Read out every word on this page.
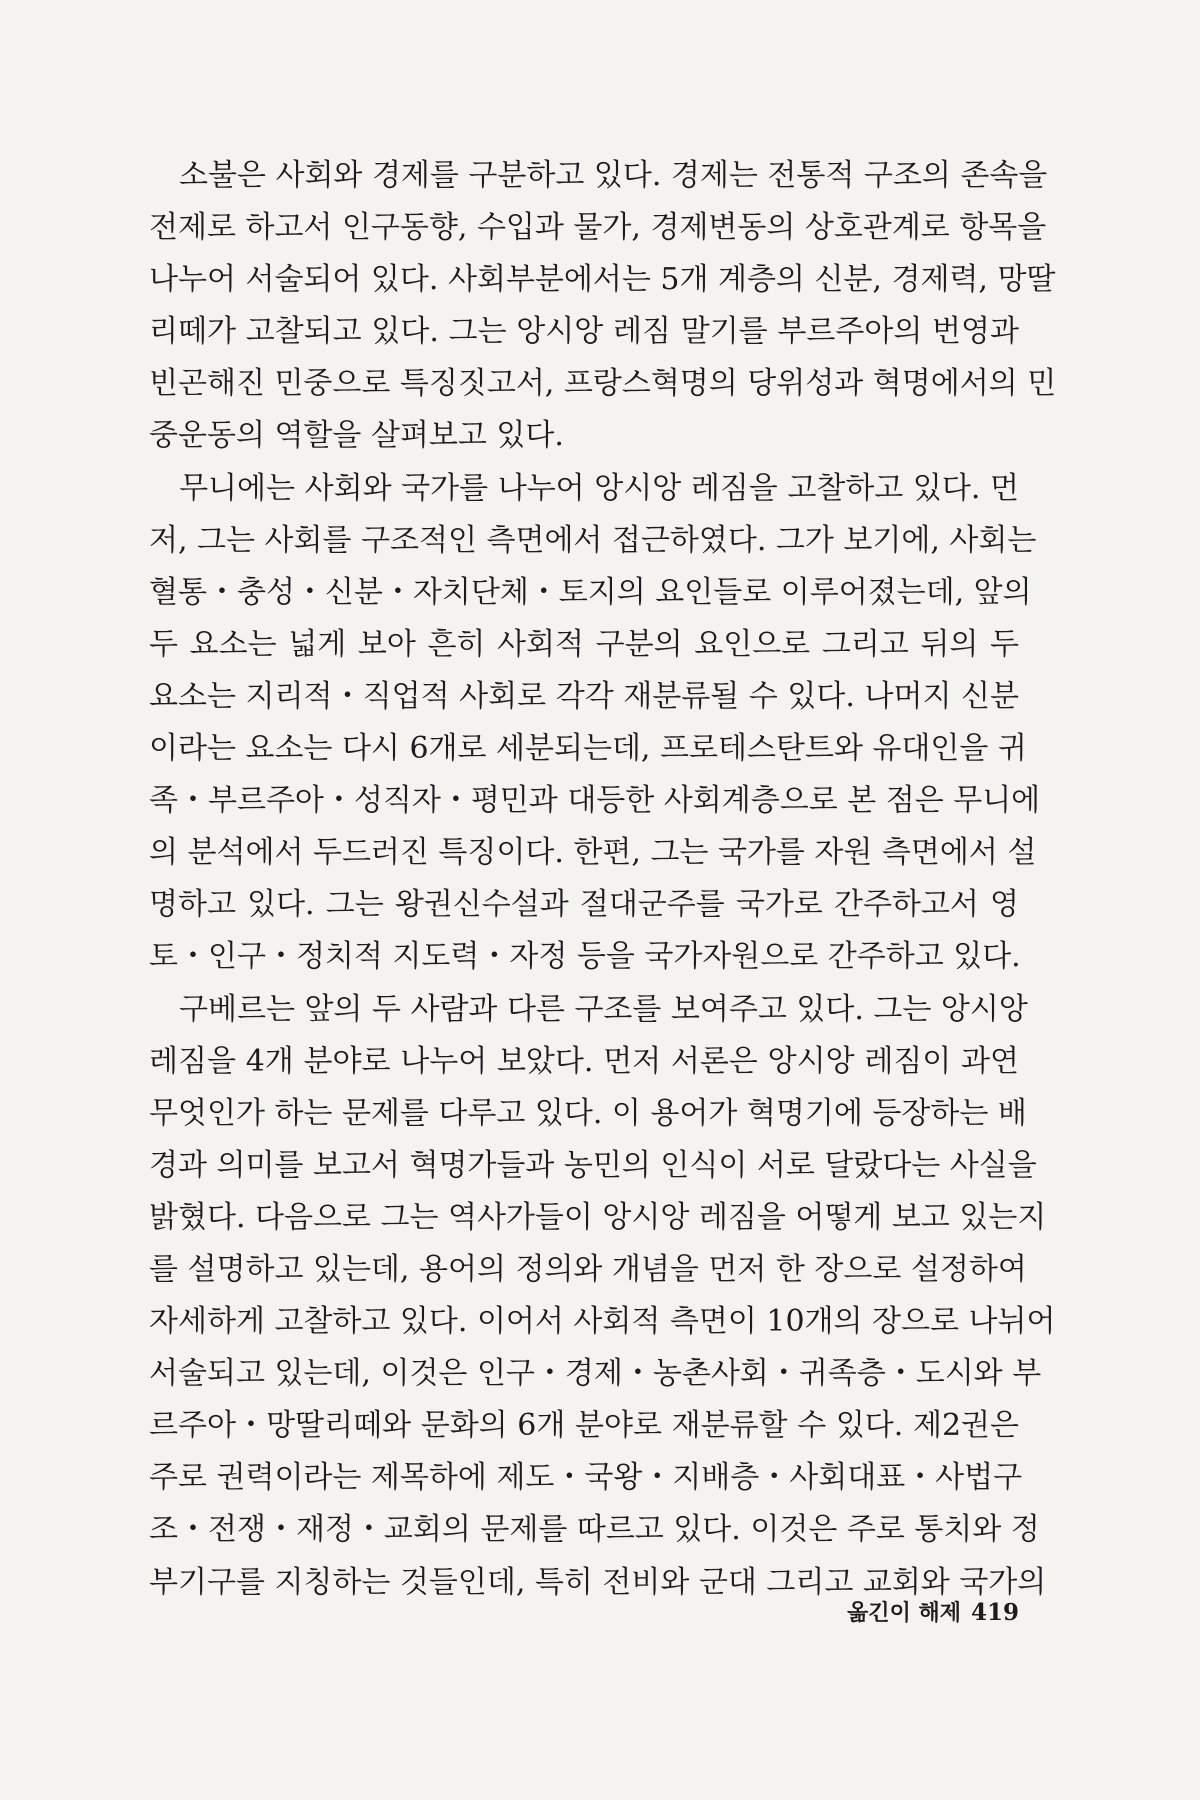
　소불은 사회와 경제를 구분하고 있다. 경제는 전통적 구조의 존속을
전제로 하고서 인구동향, 수입과 물가, 경제변동의 상호관계로 항목을
나누어 서술되어 있다. 사회부분에서는 5개 계층의 신분, 경제력, 망딸
리떼가 고찰되고 있다. 그는 앙시앙 레짐 말기를 부르주아의 번영과
빈곤해진 민중으로 특징짓고서, 프랑스혁명의 당위성과 혁명에서의 민
중운동의 역할을 살펴보고 있다.
　무니에는 사회와 국가를 나누어 앙시앙 레짐을 고찰하고 있다. 먼
저, 그는 사회를 구조적인 측면에서 접근하였다. 그가 보기에, 사회는
혈통・충성・신분・자치단체・토지의 요인들로 이루어졌는데, 앞의
두 요소는 넓게 보아 흔히 사회적 구분의 요인으로 그리고 뒤의 두
요소는 지리적・직업적 사회로 각각 재분류될 수 있다. 나머지 신분
이라는 요소는 다시 6개로 세분되는데, 프로테스탄트와 유대인을 귀
족・부르주아・성직자・평민과 대등한 사회계층으로 본 점은 무니에
의 분석에서 두드러진 특징이다. 한편, 그는 국가를 자원 측면에서 설
명하고 있다. 그는 왕권신수설과 절대군주를 국가로 간주하고서 영
토・인구・정치적 지도력・자정 등을 국가자원으로 간주하고 있다.
　구베르는 앞의 두 사람과 다른 구조를 보여주고 있다. 그는 앙시앙
레짐을 4개 분야로 나누어 보았다. 먼저 서론은 앙시앙 레짐이 과연
무엇인가 하는 문제를 다루고 있다. 이 용어가 혁명기에 등장하는 배
경과 의미를 보고서 혁명가들과 농민의 인식이 서로 달랐다는 사실을
밝혔다. 다음으로 그는 역사가들이 앙시앙 레짐을 어떻게 보고 있는지
를 설명하고 있는데, 용어의 정의와 개념을 먼저 한 장으로 설정하여
자세하게 고찰하고 있다. 이어서 사회적 측면이 10개의 장으로 나뉘어
서술되고 있는데, 이것은 인구・경제・농촌사회・귀족층・도시와 부
르주아・망딸리떼와 문화의 6개 분야로 재분류할 수 있다. 제2권은
주로 권력이라는 제목하에 제도・국왕・지배층・사회대표・사법구
조・전쟁・재정・교회의 문제를 따르고 있다. 이것은 주로 통치와 정
부기구를 지칭하는 것들인데, 특히 전비와 군대 그리고 교회와 국가의
옮긴이 해제 419
